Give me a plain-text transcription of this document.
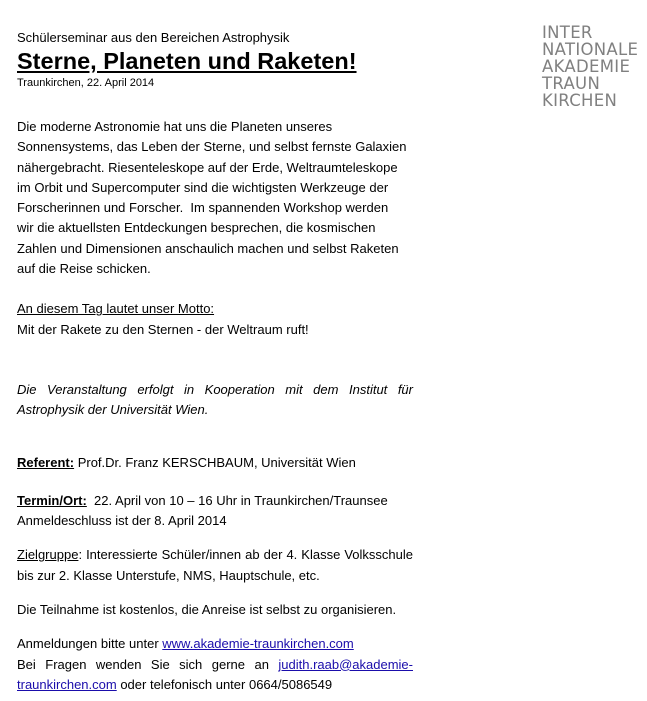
INTER
NATIONALE
AKADEMIE
TRAUN
KIRCHEN
Schülerseminar aus den Bereichen Astrophysik
Sterne, Planeten und Raketen!
Traunkirchen, 22. April 2014
Die moderne Astronomie hat uns die Planeten unseres
Sonnensystems, das Leben der Sterne, und selbst fernste Galaxien
nähergebracht. Riesenteleskope auf der Erde, Weltraumteleskope
im Orbit und Supercomputer sind die wichtigsten Werkzeuge der
Forscherinnen und Forscher.  Im spannenden Workshop werden
wir die aktuellsten Entdeckungen besprechen, die kosmischen
Zahlen und Dimensionen anschaulich machen und selbst Raketen
auf die Reise schicken.
An diesem Tag lautet unser Motto:
Mit der Rakete zu den Sternen - der Weltraum ruft!
Die Veranstaltung erfolgt in Kooperation mit dem Institut für Astrophysik der Universität Wien.
Referent: Prof.Dr. Franz KERSCHBAUM, Universität Wien
Termin/Ort:  22. April von 10 – 16 Uhr in Traunkirchen/Traunsee
Anmeldeschluss ist der 8. April 2014
Zielgruppe: Interessierte Schüler/innen ab der 4. Klasse Volksschule bis zur 2. Klasse Unterstufe, NMS, Hauptschule, etc.
Die Teilnahme ist kostenlos, die Anreise ist selbst zu organisieren.
Anmeldungen bitte unter www.akademie-traunkirchen.com
Bei Fragen wenden Sie sich gerne an judith.raab@akademie-traunkirchen.com oder telefonisch unter 0664/5086549
